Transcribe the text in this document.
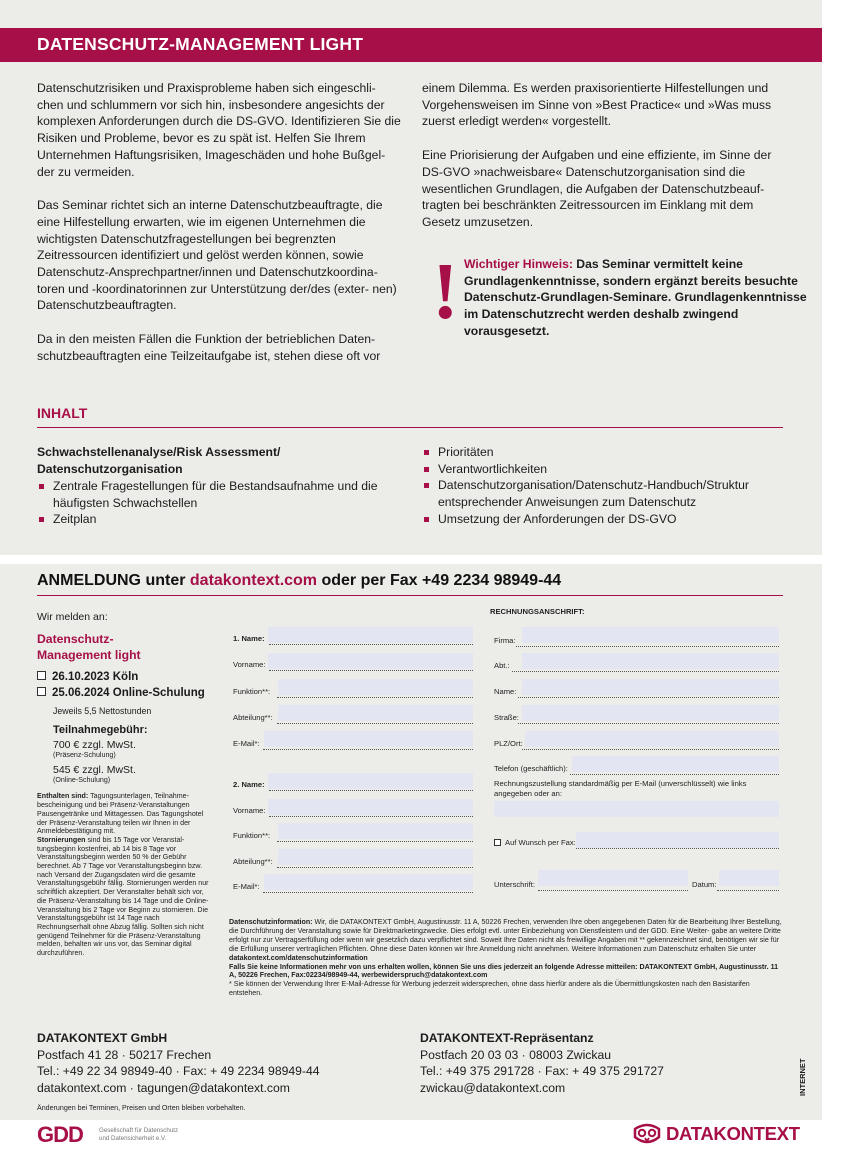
DATENSCHUTZ-MANAGEMENT LIGHT

Datenschutzrisiken und Praxisprobleme haben sich eingeschli- chen und schlummern vor sich hin, insbesondere angesichts der komplexen Anforderungen durch die DS-GVO. Identifizieren Sie die Risiken und Probleme, bevor es zu spät ist. Helfen Sie Ihrem Unternehmen Haftungsrisiken, Imageschäden und hohe Bußgel- der zu vermeiden.

Das Seminar richtet sich an interne Datenschutzbeauftragte, die eine Hilfestellung erwarten, wie im eigenen Unternehmen die wichtigsten Datenschutzfragestellungen bei begrenzten Zeitressourcen identifiziert und gelöst werden können, sowie Datenschutz-Ansprechpartner/innen und Datenschutzkoordina- toren und -koordinatorinnen zur Unterstützung der/des (exter- nen) Datenschutzbeauftragten.

Da in den meisten Fällen die Funktion der betrieblichen Daten- schutzbeauftragten eine Teilzeitaufgabe ist, stehen diese oft vor

einem Dilemma. Es werden praxisorientierte Hilfestellungen und Vorgehensweisen im Sinne von »Best Practice« und »Was muss zuerst erledigt werden« vorgestellt.

Eine Priorisierung der Aufgaben und eine effiziente, im Sinne der DS-GVO »nachweisbare« Datenschutzorganisation sind die wesentlichen Grundlagen, die Aufgaben der Datenschutzbeauf- tragten bei beschränkten Zeitressourcen im Einklang mit dem Gesetz umzusetzen.

! Wichtiger Hinweis: Das Seminar vermittelt keine Grundlagenkenntnisse, sondern ergänzt bereits besuchte Datenschutz-Grundlagen-Seminare. Grundlagenkenntnisse im Datenschutzrecht werden deshalb zwingend vorausgesetzt.
INHALT
Schwachstellenanalyse/Risk Assessment/ Datenschutzorganisation
Zentrale Fragestellungen für die Bestandsaufnahme und die häufigsten Schwachstellen
Zeitplan
Prioritäten
Verantwortlichkeiten
Datenschutzorganisation/Datenschutz-Handbuch/Struktur entsprechender Anweisungen zum Datenschutz
Umsetzung der Anforderungen der DS-GVO
ANMELDUNG unter datakontext.com oder per Fax +49 2234 98949-44
Wir melden an:
Datenschutz-
Management light
26.10.2023 Köln
25.06.2024 Online-Schulung
Jeweils 5,5 Nettostunden
Teilnahmegebühr:
700 € zzgl. MwSt.
(Präsenz-Schulung)
545 € zzgl. MwSt.
(Online-Schulung)
Enthalten sind: Tagungsunterlagen, Teilnahme- bescheinigung und bei Präsenz-Veranstaltungen Pausengetränke und Mittagessen. Das Tagungshotel der Präsenz-Veranstaltung teilen wir Ihnen in der Anmeldebestätigung mit.
Stornierungen sind bis 15 Tage vor Veranstal- tungsbeginn kostenfrei, ab 14 bis 8 Tage vor Veranstaltungsbeginn werden 50 % der Gebühr berechnet. Ab 7 Tage vor Veranstaltungsbeginn bzw. nach Versand der Zugangsdaten wird die gesamte Veranstaltungsgebühr fällig. Stornierungen werden nur schriftlich akzeptiert. Der Veranstalter behält sich vor, die Präsenz-Veranstaltung bis 14 Tage und die Online-Veranstaltung bis 2 Tage vor Beginn zu stornieren. Die Veranstaltungsgebühr ist 14 Tage nach Rechnungserhalt ohne Abzug fällig. Sollten sich nicht genügend Teilnehmer für die Präsenz-Veranstaltung melden, behalten wir uns vor, das Seminar digital durchzuführen.
1. Name:
Vorname:
Funktion**:
Abteilung**:
E-Mail*:
2. Name:
Vorname:
Funktion**:
Abteilung**:
E-Mail*:
RECHNUNGSANSCHRIFT:
Firma:
Abt.:
Name:
Straße:
PLZ/Ort:
Telefon (geschäftlich):
Rechnungszustellung standardmäßig per E-Mail (unverschlüsselt) wie links angegeben oder an:
Auf Wunsch per Fax:
Unterschrift:	Datum:
Datenschutzinformation: Wir, die DATAKONTEXT GmbH, Augustinusstr. 11 A, 50226 Frechen, verwenden Ihre oben angegebenen Daten für die Bearbeitung Ihrer Bestellung, die Durchführung der Veranstaltung sowie für Direktmarketingzwecke. Dies erfolgt evtl. unter Einbeziehung von Dienstleistern und der GDD. Eine Weiter- gabe an weitere Dritte erfolgt nur zur Vertragserfüllung oder wenn wir gesetzlich dazu verpflichtet sind. Soweit Ihre Daten nicht als freiwillige Angaben mit ** gekennzeichnet sind, benötigen wir sie für die Erfüllung unserer vertraglichen Pflichten. Ohne diese Daten können wir Ihre Anmeldung nicht annehmen. Weitere Informationen zum Datenschutz erhalten Sie unter datakontext.com/datenschutzinformation
Falls Sie keine Informationen mehr von uns erhalten wollen, können Sie uns dies jederzeit an folgende Adresse mitteilen: DATAKONTEXT GmbH, Augustinusstr. 11 A, 50226 Frechen, Fax:02234/98949-44, werbewiderspruch@datakontext.com
* Sie können der Verwendung Ihrer E-Mail-Adresse für Werbung jederzeit widersprechen, ohne dass hierfür andere als die Übermittlungskosten nach den Basistarifen entstehen.
DATAKONTEXT GmbH
Postfach 41 28 · 50217 Frechen
Tel.: +49 22 34 98949-40 · Fax: + 49 2234 98949-44
datakontext.com · tagungen@datakontext.com
DATAKONTEXT-Repräsentanz
Postfach 20 03 03 · 08003 Zwickau
Tel.: +49 375 291728 · Fax: + 49 375 291727
zwickau@datakontext.com	INTERNET
Änderungen bei Terminen, Preisen und Orten bleiben vorbehalten.
GDD	Gesellschaft für Datenschutz
und Datensicherheit e.V.	DATAKONTEXT
